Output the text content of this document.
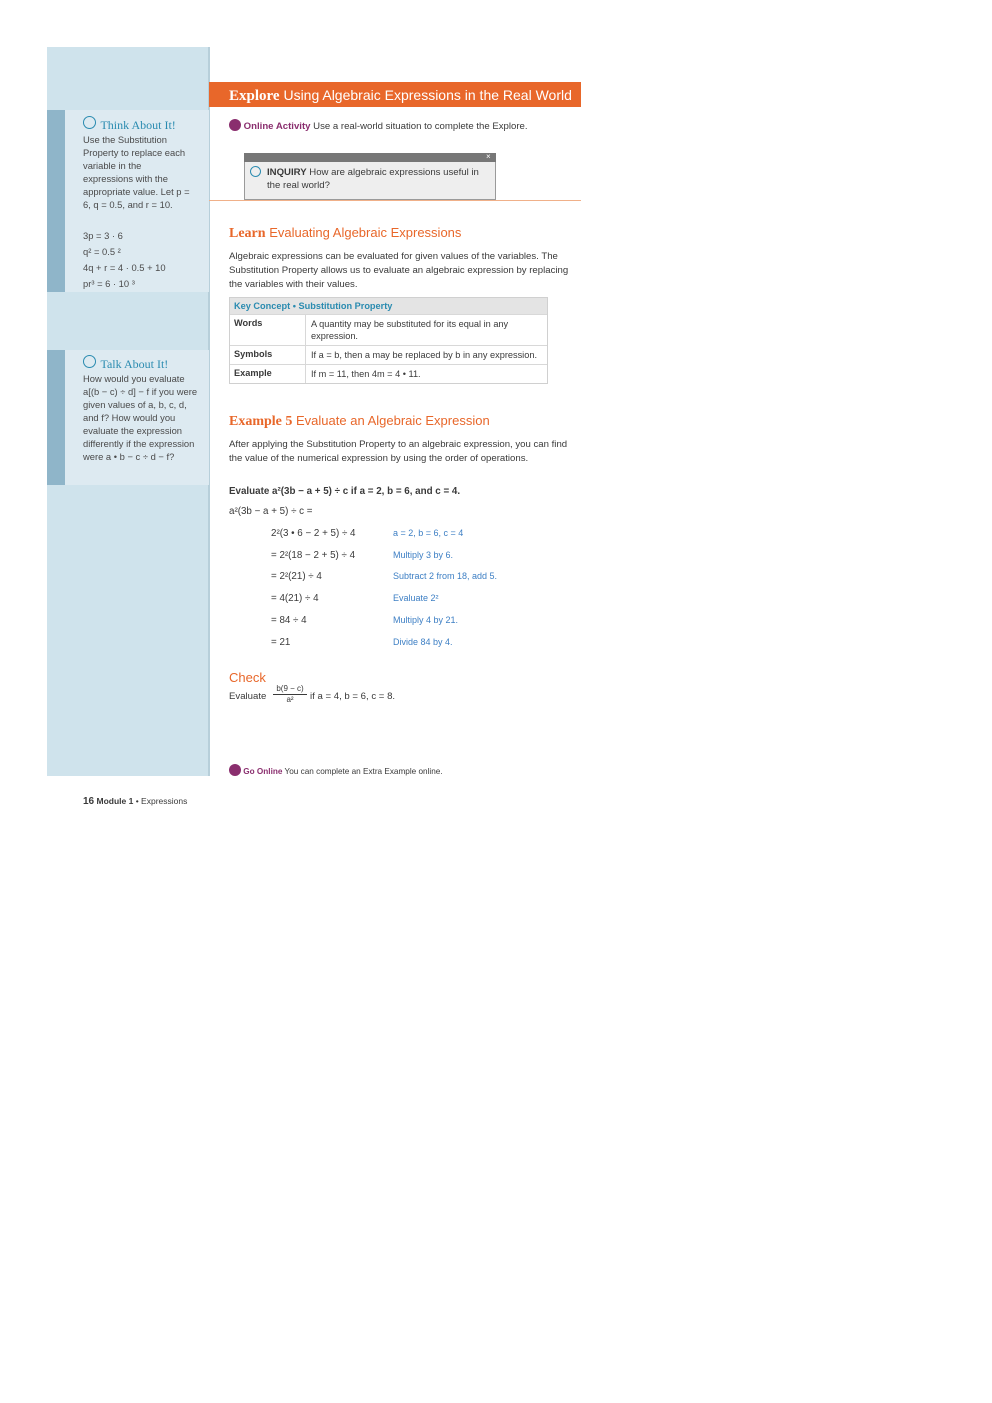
Think About It!
Use the Substitution Property to replace each variable in the expressions with the appropriate value. Let p = 6, q = 0.5, and r = 10.
3p = 3 · 6
q² = 0.5 ²
4q + r = 4 · 0.5 + 10
pr³ = 6 · 10 ³
Talk About It!
How would you evaluate a[(b − c) ÷ d] − f if you were given values of a, b, c, d, and f? How would you evaluate the expression differently if the expression were a • b − c ÷ d − f?
Explore Using Algebraic Expressions in the Real World
Online Activity Use a real-world situation to complete the Explore.
×
INQUIRY How are algebraic expressions useful in the real world?
Learn Evaluating Algebraic Expressions
Algebraic expressions can be evaluated for given values of the variables. The Substitution Property allows us to evaluate an algebraic expression by replacing the variables with their values.
Key Concept • Substitution Property
Words	A quantity may be substituted for its equal in any expression.
Symbols	If a = b, then a may be replaced by b in any expression.
Example	If m = 11, then 4m = 4 • 11.
Example 5 Evaluate an Algebraic Expression
After applying the Substitution Property to an algebraic expression, you can find the value of the numerical expression by using the order of operations.
Evaluate a²(3b − a + 5) ÷ c if a = 2, b = 6, and c = 4.
a²(3b − a + 5) ÷ c =
2²(3 • 6 − 2 + 5) ÷ 4	a = 2, b = 6, c = 4
= 2²(18 − 2 + 5) ÷ 4	Multiply 3 by 6.
= 2²(21) ÷ 4	Subtract 2 from 18, add 5.
= 4(21) ÷ 4	Evaluate 2²
= 84 ÷ 4	Multiply 4 by 21.
= 21	Divide 84 by 4.
Check
Evaluate $\frac{b(9 - c)}{\text{a²}}$ if a = 4, b = 6, c = 8.
Go Online You can complete an Extra Example online.
16 Module 1 • Expressions
